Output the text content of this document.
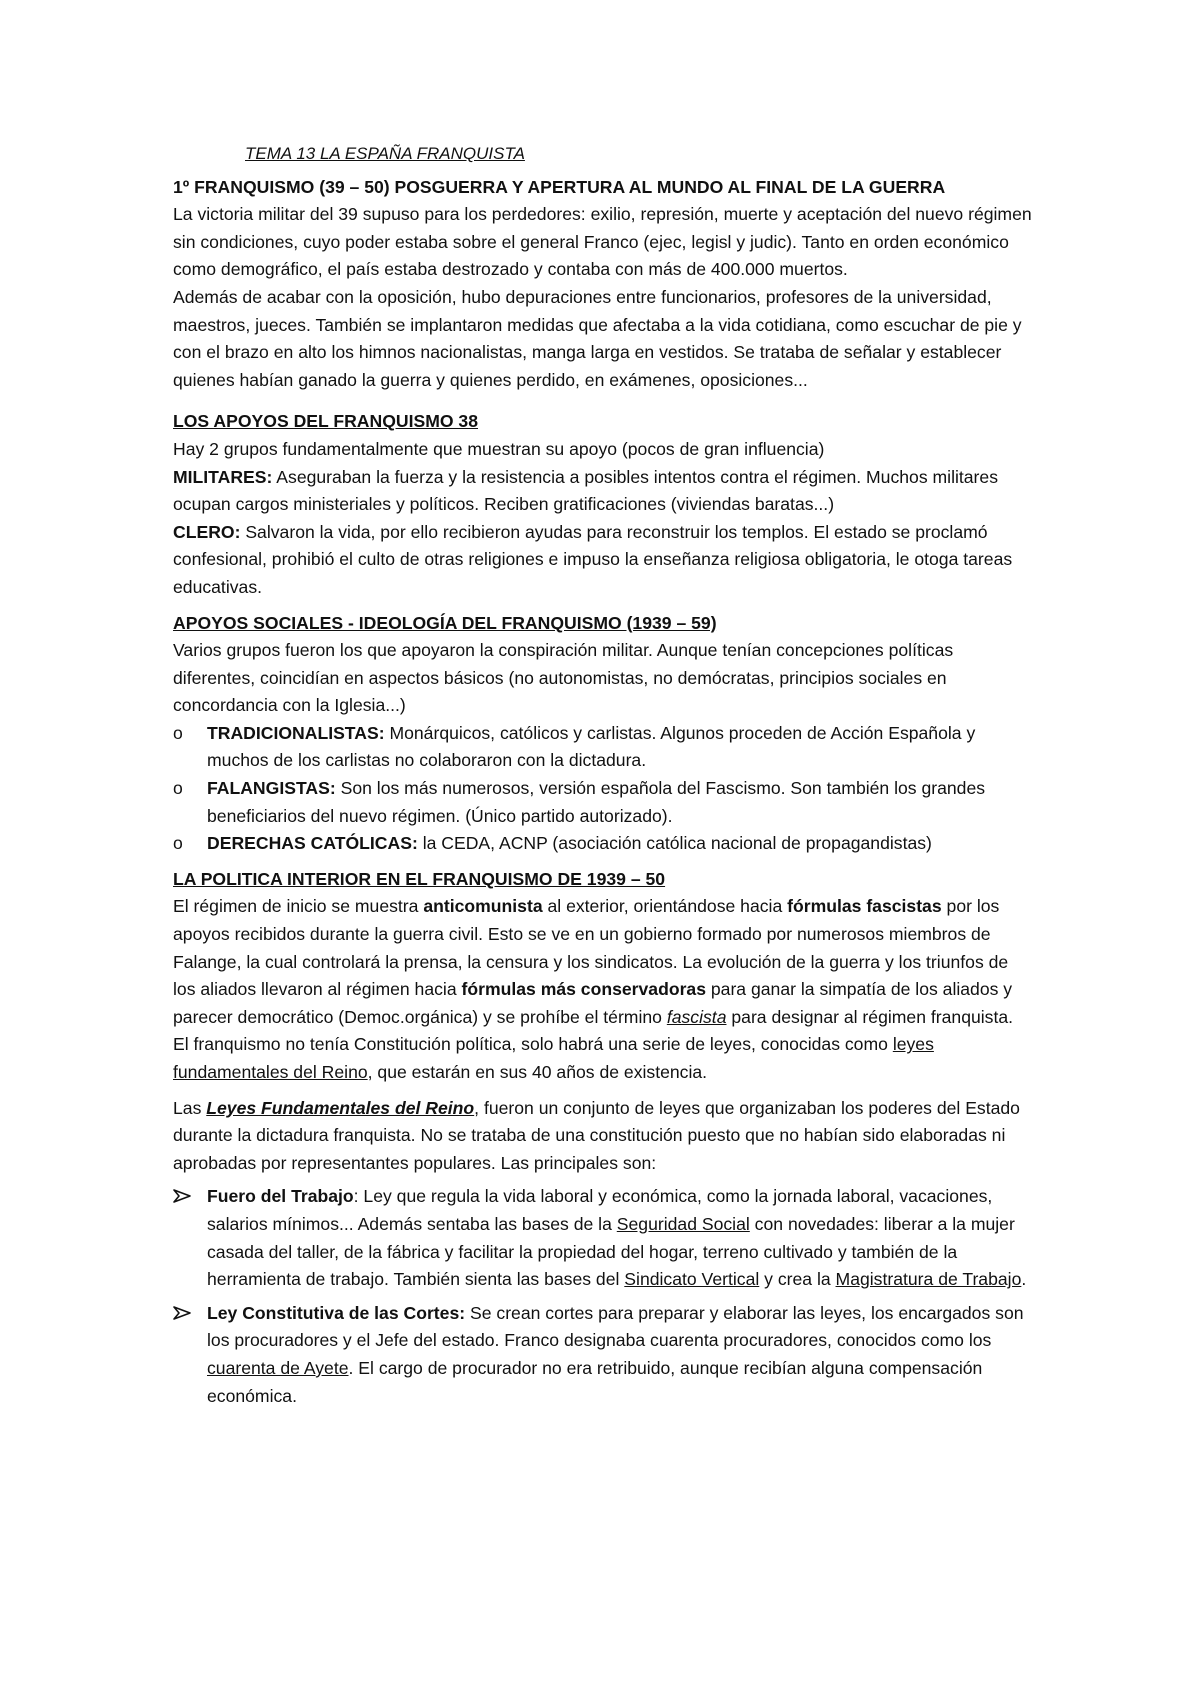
TEMA 13 LA ESPAÑA FRANQUISTA

1º FRANQUISMO (39 – 50) POSGUERRA Y APERTURA AL MUNDO AL FINAL DE LA GUERRA

La victoria militar del 39 supuso para los perdedores: exilio, represión, muerte y aceptación del nuevo régimen sin condiciones, cuyo poder estaba sobre el general Franco (ejec, legisl y judic). Tanto en orden económico como demográfico, el país estaba destrozado y contaba con más de 400.000 muertos.

Además de acabar con la oposición, hubo depuraciones entre funcionarios, profesores de la universidad, maestros, jueces. También se implantaron medidas que afectaba a la vida cotidiana, como escuchar de pie y con el brazo en alto los himnos nacionalistas, manga larga en vestidos. Se trataba de señalar y establecer quienes habían ganado la guerra y quienes perdido, en exámenes, oposiciones...

LOS APOYOS DEL FRANQUISMO 38

Hay 2 grupos fundamentalmente que muestran su apoyo (pocos de gran influencia)

MILITARES: Aseguraban la fuerza y la resistencia a posibles intentos contra el régimen. Muchos militares ocupan cargos ministeriales y políticos. Reciben gratificaciones (viviendas baratas...)

CLERO: Salvaron la vida, por ello recibieron ayudas para reconstruir los templos. El estado se proclamó confesional, prohibió el culto de otras religiones e impuso la enseñanza religiosa obligatoria, le otoga tareas educativas.

APOYOS SOCIALES - IDEOLOGÍA DEL FRANQUISMO (1939 – 59)

Varios grupos fueron los que apoyaron la conspiración militar. Aunque tenían concepciones políticas diferentes, coincidían en aspectos básicos (no autonomistas, no demócratas, principios sociales en concordancia con la Iglesia...)

o TRADICIONALISTAS: Monárquicos, católicos y carlistas. Algunos proceden de Acción Española y muchos de los carlistas no colaboraron con la dictadura.
o FALANGISTAS: Son los más numerosos, versión española del Fascismo. Son también los grandes beneficiarios del nuevo régimen. (Único partido autorizado).
o DERECHAS CATÓLICAS: la CEDA, ACNP (asociación católica nacional de propagandistas)

LA POLITICA INTERIOR EN EL FRANQUISMO DE 1939 – 50

El régimen de inicio se muestra anticomunista al exterior, orientándose hacia fórmulas fascistas por los apoyos recibidos durante la guerra civil. Esto se ve en un gobierno formado por numerosos miembros de Falange, la cual controlará la prensa, la censura y los sindicatos. La evolución de la guerra y los triunfos de los aliados llevaron al régimen hacia fórmulas más conservadoras para ganar la simpatía de los aliados y parecer democrático (Democ.orgánica) y se prohíbe el término fascista para designar al régimen franquista.

El franquismo no tenía Constitución política, solo habrá una serie de leyes, conocidas como leyes fundamentales del Reino, que estarán en sus 40 años de existencia.

Las Leyes Fundamentales del Reino, fueron un conjunto de leyes que organizaban los poderes del Estado durante la dictadura franquista. No se trataba de una constitución puesto que no habían sido elaboradas ni aprobadas por representantes populares. Las principales son:

Fuero del Trabajo: Ley que regula la vida laboral y económica, como la jornada laboral, vacaciones, salarios mínimos... Además sentaba las bases de la Seguridad Social con novedades: liberar a la mujer casada del taller, de la fábrica y facilitar la propiedad del hogar, terreno cultivado y también de la herramienta de trabajo. También sienta las bases del Sindicato Vertical y crea la Magistratura de Trabajo.
Ley Constitutiva de las Cortes: Se crean cortes para preparar y elaborar las leyes, los encargados son los procuradores y el Jefe del estado. Franco designaba cuarenta procuradores, conocidos como los cuarenta de Ayete. El cargo de procurador no era retribuido, aunque recibían alguna compensación económica.
